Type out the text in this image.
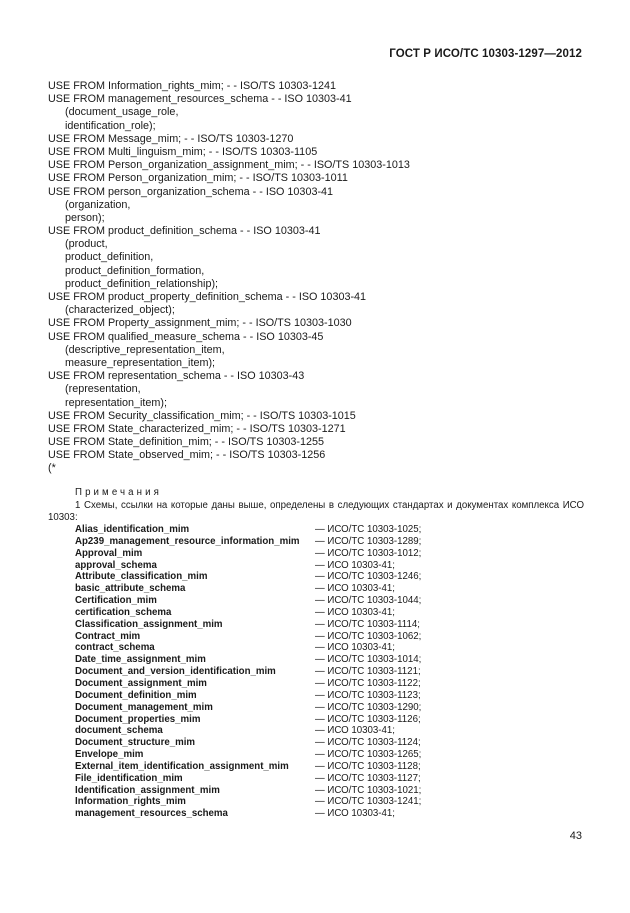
ГОСТ Р ИСО/ТС 10303-1297—2012
USE FROM Information_rights_mim; - - ISO/TS 10303-1241
USE FROM management_resources_schema - - ISO 10303-41
(document_usage_role,
identification_role);
USE FROM Message_mim; - - ISO/TS 10303-1270
USE FROM Multi_linguism_mim; - - ISO/TS 10303-1105
USE FROM Person_organization_assignment_mim; - - ISO/TS 10303-1013
USE FROM Person_organization_mim; - - ISO/TS 10303-1011
USE FROM person_organization_schema - - ISO 10303-41
(organization,
person);
USE FROM product_definition_schema - - ISO 10303-41
(product,
product_definition,
product_definition_formation,
product_definition_relationship);
USE FROM product_property_definition_schema - - ISO 10303-41
(characterized_object);
USE FROM Property_assignment_mim; - - ISO/TS 10303-1030
USE FROM qualified_measure_schema - - ISO 10303-45
(descriptive_representation_item,
measure_representation_item);
USE FROM representation_schema - - ISO 10303-43
(representation,
representation_item);
USE FROM Security_classification_mim; - - ISO/TS 10303-1015
USE FROM State_characterized_mim; - - ISO/TS 10303-1271
USE FROM State_definition_mim; - - ISO/TS 10303-1255
USE FROM State_observed_mim; - - ISO/TS 10303-1256
(*
Примечания
1 Схемы, ссылки на которые даны выше, определены в следующих стандартах и документах комплекса ИСО 10303:
Alias_identification_mim	— ИСО/ТС 10303-1025;
Ap239_management_resource_information_mim	— ИСО/ТС 10303-1289;
Approval_mim	— ИСО/ТС 10303-1012;
approval_schema	— ИСО 10303-41;
Attribute_classification_mim	— ИСО/ТС 10303-1246;
basic_attribute_schema	— ИСО 10303-41;
Certification_mim	— ИСО/ТС 10303-1044;
certification_schema	— ИСО 10303-41;
Classification_assignment_mim	— ИСО/ТС 10303-1114;
Contract_mim	— ИСО/ТС 10303-1062;
contract_schema	— ИСО 10303-41;
Date_time_assignment_mim	— ИСО/ТС 10303-1014;
Document_and_version_identification_mim	— ИСО/ТС 10303-1121;
Document_assignment_mim	— ИСО/ТС 10303-1122;
Document_definition_mim	— ИСО/ТС 10303-1123;
Document_management_mim	— ИСО/ТС 10303-1290;
Document_properties_mim	— ИСО/ТС 10303-1126;
document_schema	— ИСО 10303-41;
Document_structure_mim	— ИСО/ТС 10303-1124;
Envelope_mim	— ИСО/ТС 10303-1265;
External_item_identification_assignment_mim	— ИСО/ТС 10303-1128;
File_identification_mim	— ИСО/ТС 10303-1127;
Identification_assignment_mim	— ИСО/ТС 10303-1021;
Information_rights_mim	— ИСО/ТС 10303-1241;
management_resources_schema	— ИСО 10303-41;
43
